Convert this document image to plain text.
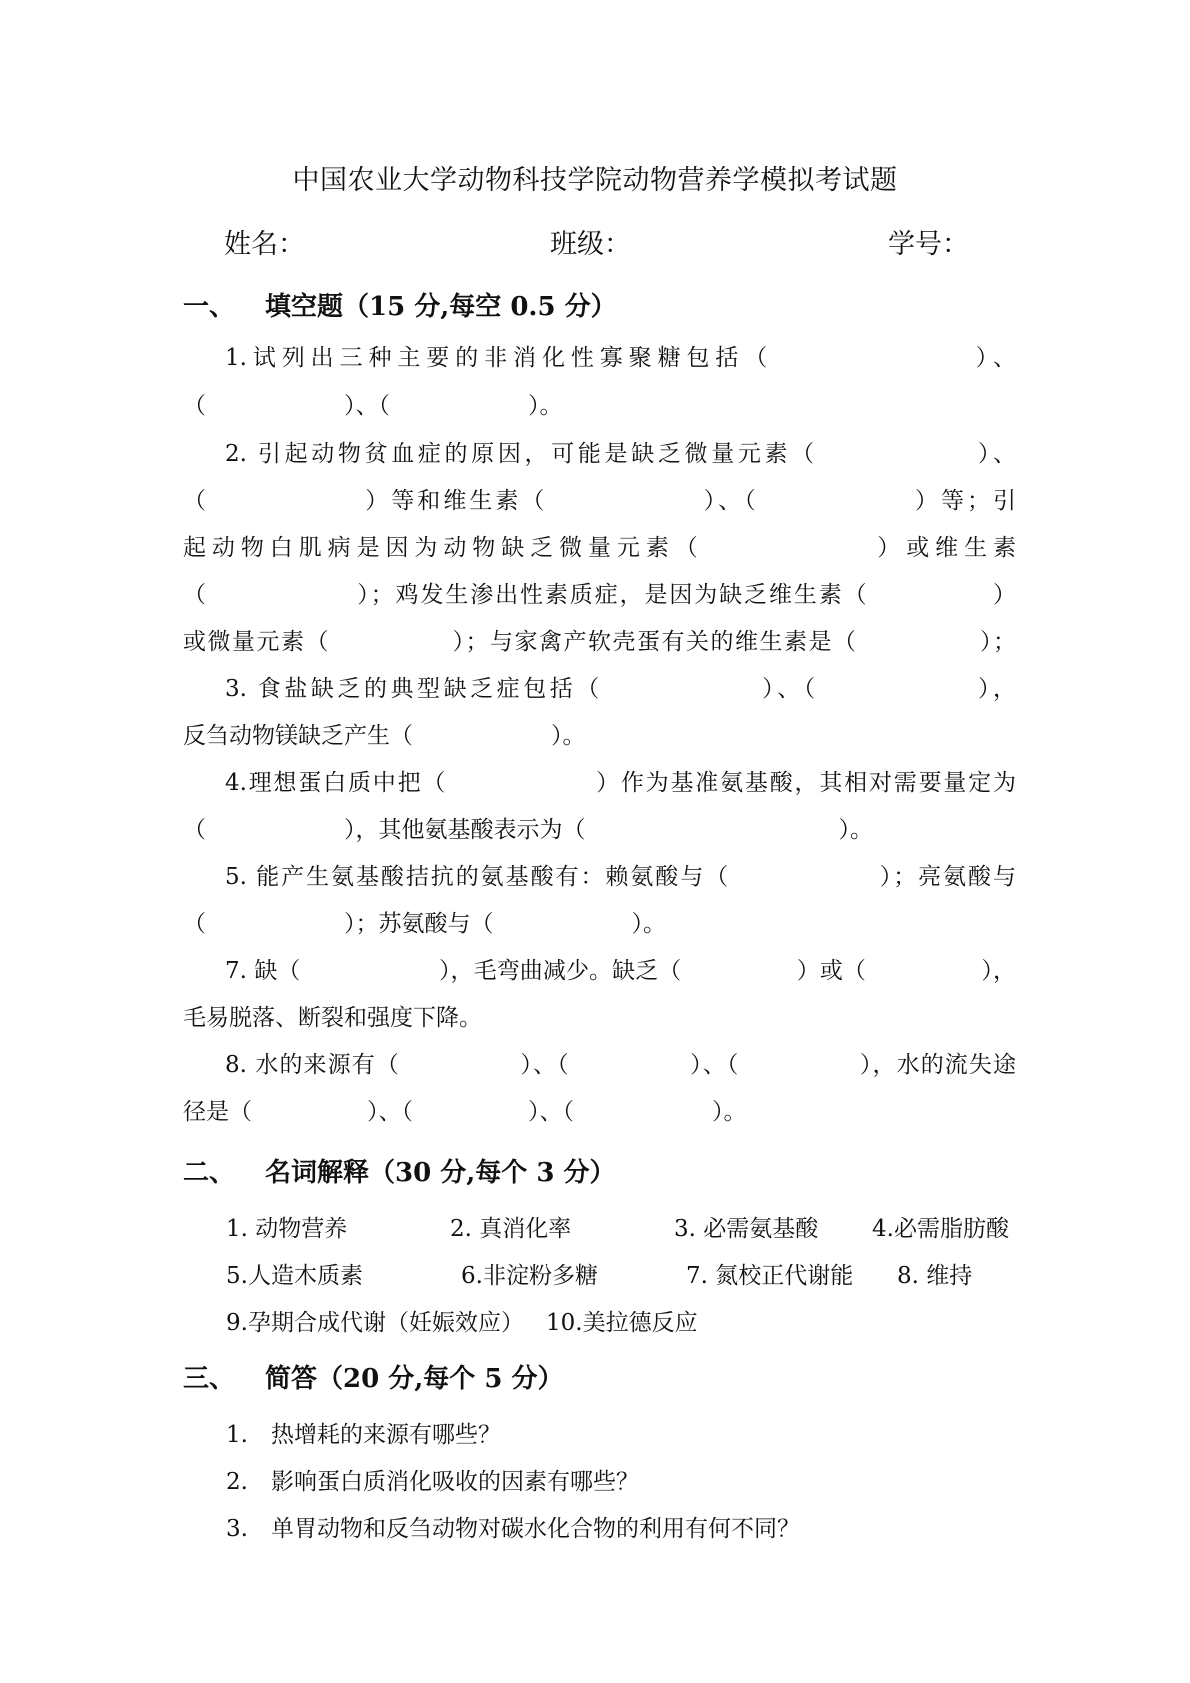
中国农业大学动物科技学院动物营养学模拟考试题
姓名：	班级：	学号：
一、 填空题（15 分,每空 0.5 分）
1.试列出三种主要的非消化性寡聚糖包括（　　　　　　　）、
（　　　　　　）、（　　　　　　）。
2. 引起动物贫血症的原因，可能是缺乏微量元素（　　　　　　）、
（　　　　　　）等和维生素（　　　　　　）、（　　　　　　）等；引
起动物白肌病是因为动物缺乏微量元素（　　　　　　）或维生素
（　　　　　　）；鸡发生渗出性素质症，是因为缺乏维生素（　　　　　）
或微量元素（　　　　　）；与家禽产软壳蛋有关的维生素是（　　　　　）；
3. 食盐缺乏的典型缺乏症包括（　　　　　　）、（　　　　　　），
反刍动物镁缺乏产生（　　　　　　）。
4.理想蛋白质中把（　　　　　　）作为基准氨基酸，其相对需要量定为
（　　　　　　），其他氨基酸表示为（　　　　　　　　　　　）。
5. 能产生氨基酸拮抗的氨基酸有：赖氨酸与（　　　　　　）；亮氨酸与
（　　　　　　）；苏氨酸与（　　　　　　）。
7. 缺（　　　　　　），毛弯曲减少。缺乏（　　　　　）或（　　　　　），
毛易脱落、断裂和强度下降。
8. 水的来源有（　　　　　）、（　　　　　）、（　　　　　），水的流失途
径是（　　　　　）、（　　　　　）、（　　　　　　）。
二、 名词解释（30 分,每个 3 分）
1. 动物营养	2. 真消化率	3. 必需氨基酸 4.必需脂肪酸
5.人造木质素	6.非淀粉多糖	7. 氮校正代谢能 8. 维持
9.孕期合成代谢（妊娠效应） 10.美拉德反应
三、 简答（20 分,每个 5 分）
1.　热增耗的来源有哪些？
2.　影响蛋白质消化吸收的因素有哪些？
3.　单胃动物和反刍动物对碳水化合物的利用有何不同？
